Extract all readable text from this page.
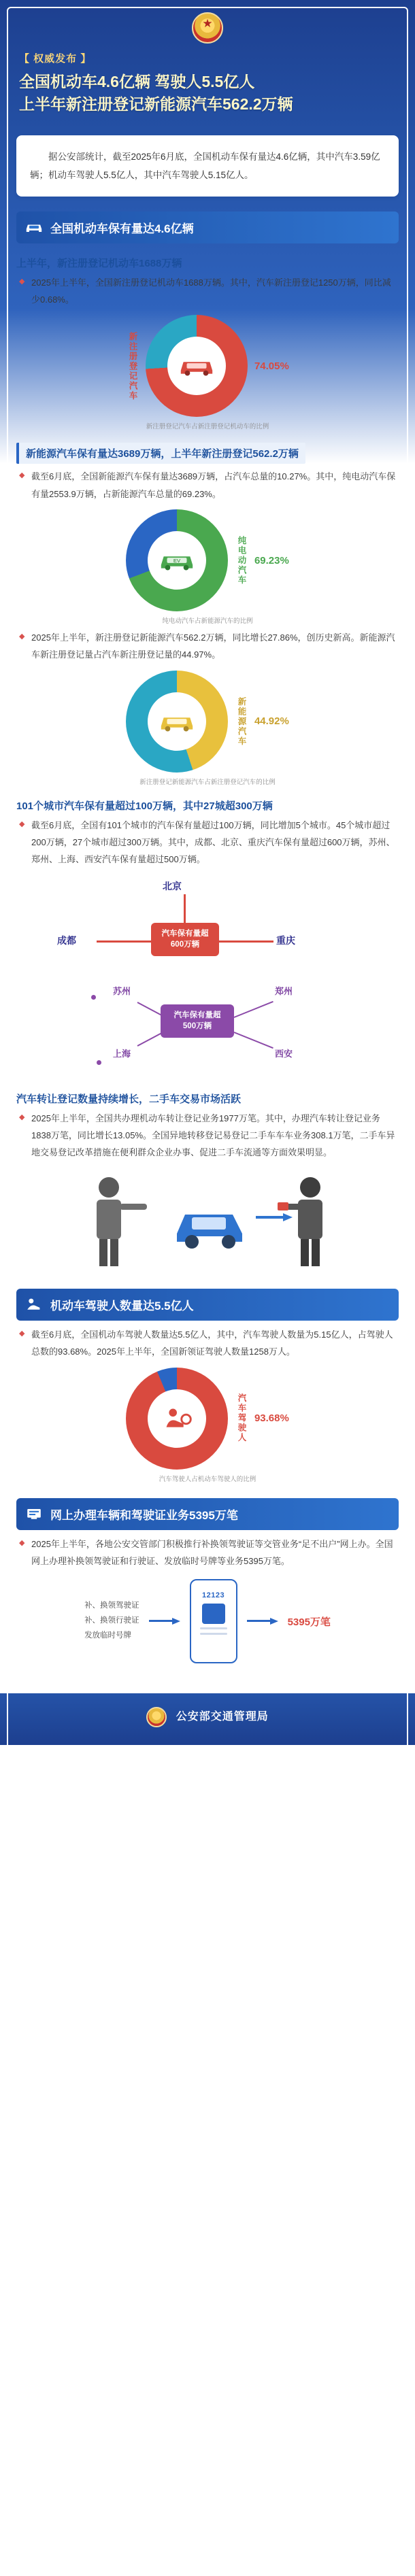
★
【 权威发布 】
全国机动车4.6亿辆 驾驶人5.5亿人
上半年新注册登记新能源汽车562.2万辆
据公安部统计，截至2025年6月底，全国机动车保有量达4.6亿辆，其中汽车3.59亿辆；机动车驾驶人5.5亿人，其中汽车驾驶人5.15亿人。
全国机动车保有量达4.6亿辆
上半年，新注册登记机动车1688万辆
◆ 2025年上半年，全国新注册登记机动车1688万辆。其中，汽车新注册登记1250万辆，同比减少0.68%。
新注册登记汽车	74.05%
新注册登记汽车占新注册登记机动车的比例
新能源汽车保有量达3689万辆，上半年新注册登记562.2万辆
◆ 截至6月底，全国新能源汽车保有量达3689万辆，占汽车总量的10.27%。其中，纯电动汽车保有量2553.9万辆，占新能源汽车总量的69.23%。
EV	纯电动汽车 69.23%
纯电动汽车占新能源汽车的比例
◆ 2025年上半年，新注册登记新能源汽车562.2万辆，同比增长27.86%，创历史新高。新能源汽车新注册登记量占汽车新注册登记量的44.97%。
新能源汽车 44.92%
新注册登记新能源汽车占新注册登记汽车的比例
101个城市汽车保有量超过100万辆，其中27城超300万辆
◆ 截至6月底，全国有101个城市的汽车保有量超过100万辆，同比增加5个城市。45个城市超过200万辆，27个城市超过300万辆。其中，成都、北京、重庆汽车保有量超过600万辆，苏州、郑州、上海、西安汽车保有量超过500万辆。
北京
汽车保有量超
600万辆
成都	重庆
苏州	郑州
上海	西安
汽车保有量超
500万辆
汽车转让登记数量持续增长，二手车交易市场活跃
◆ 2025年上半年，全国共办理机动车转让登记业务1977万笔。其中，办理汽车转让登记业务1838万笔，同比增长13.05%。全国异地转移登记易登记二手车车车业务308.1万笔，二手车异地交易登记改革措施在便利群众企业办事、促进二手车流通等方面效果明显。
机动车驾驶人数量达5.5亿人
◆ 截至6月底，全国机动车驾驶人数量达5.5亿人，其中，汽车驾驶人数量为5.15亿人，占驾驶人总数的93.68%。2025年上半年，全国新领证驾驶人数量1258万人。
汽车驾驶人 93.68%
汽车驾驶人占机动车驾驶人的比例
网上办理车辆和驾驶证业务5395万笔
◆ 2025年上半年，各地公安交管部门积极推行补换领驾驶证等交管业务“足不出户”网上办。全国网上办理补换领驾驶证和行驶证、发放临时号牌等业务5395万笔。
补、换领驾驶证
补、换领行驶证
发放临时号牌
12123
5395万笔
公安部交通管理局
